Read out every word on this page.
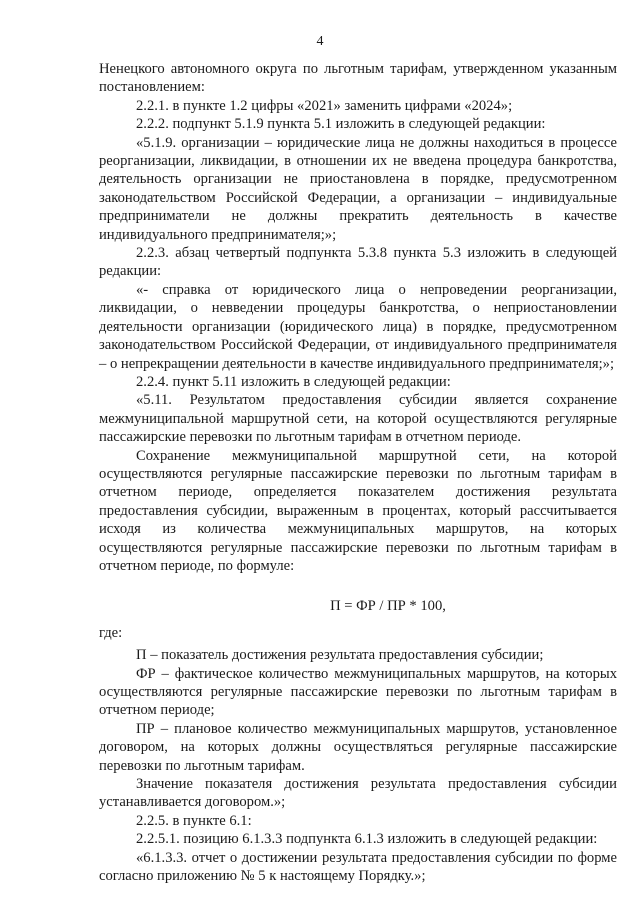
4

Ненецкого автономного округа по льготным тарифам, утвержденном указанным постановлением:

2.2.1. в пункте 1.2 цифры «2021» заменить цифрами «2024»;

2.2.2. подпункт 5.1.9 пункта 5.1 изложить в следующей редакции:

«5.1.9. организации – юридические лица не должны находиться в процессе реорганизации, ликвидации, в отношении их не введена процедура банкротства, деятельность организации не приостановлена в порядке, предусмотренном законодательством Российской Федерации, а организации – индивидуальные предприниматели не должны прекратить деятельность в качестве индивидуального предпринимателя;»;

2.2.3. абзац четвертый подпункта 5.3.8 пункта 5.3 изложить в следующей редакции:

«- справка от юридического лица о непроведении реорганизации, ликвидации, о невведении процедуры банкротства, о неприостановлении деятельности организации (юридического лица) в порядке, предусмотренном законодательством Российской Федерации, от индивидуального предпринимателя – о непрекращении деятельности в качестве индивидуального предпринимателя;»;

2.2.4. пункт 5.11 изложить в следующей редакции:

«5.11. Результатом предоставления субсидии является сохранение межмуниципальной маршрутной сети, на которой осуществляются регулярные пассажирские перевозки по льготным тарифам в отчетном периоде.

Сохранение межмуниципальной маршрутной сети, на которой осуществляются регулярные пассажирские перевозки по льготным тарифам в отчетном периоде, определяется показателем достижения результата предоставления субсидии, выраженным в процентах, который рассчитывается исходя из количества межмуниципальных маршрутов, на которых осуществляются регулярные пассажирские перевозки по льготным тарифам в отчетном периоде, по формуле:

П = ФР / ПР * 100,

где:

П – показатель достижения результата предоставления субсидии;

ФР – фактическое количество межмуниципальных маршрутов, на которых осуществляются регулярные пассажирские перевозки по льготным тарифам в отчетном периоде;

ПР – плановое количество межмуниципальных маршрутов, установленное договором, на которых должны осуществляться регулярные пассажирские перевозки по льготным тарифам.

Значение показателя достижения результата предоставления субсидии устанавливается договором.»;

2.2.5. в пункте 6.1:

2.2.5.1. позицию 6.1.3.3 подпункта 6.1.3 изложить в следующей редакции:

«6.1.3.3. отчет о достижении результата предоставления субсидии по форме согласно приложению № 5 к настоящему Порядку.»;
